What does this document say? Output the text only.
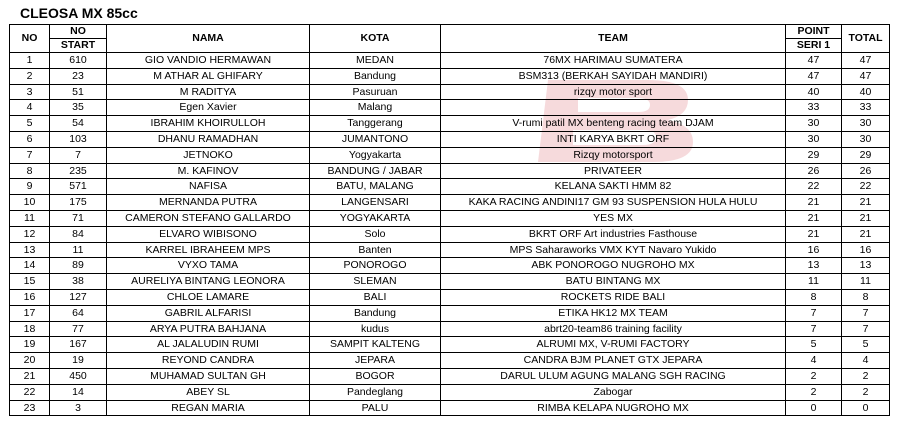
CLEOSA MX 85cc
NO	NO	NAMA	KOTA	TEAM	POINT	TOTAL
	START				SERI 1	
1	610	GIO VANDIO HERMAWAN	MEDAN	76MX HARIMAU SUMATERA	47	47
2	23	M ATHAR AL GHIFARY	Bandung	BSM313 (BERKAH SAYIDAH MANDIRI)	47	47
3	51	M RADITYA	Pasuruan	rizqy motor sport	40	40
4	35	Egen Xavier	Malang		33	33
5	54	IBRAHIM KHOIRULLOH	Tanggerang	V-rumi patil MX benteng racing team DJAM	30	30
6	103	DHANU RAMADHAN	JUMANTONO	INTI KARYA BKRT ORF	30	30
7	7	JETNOKO	Yogyakarta	Rizqy motorsport	29	29
8	235	M. KAFINOV	BANDUNG / JABAR	PRIVATEER	26	26
9	571	NAFISA	BATU, MALANG	KELANA SAKTI HMM 82	22	22
10	175	MERNANDA PUTRA	LANGENSARI	KAKA RACING ANDINI17 GM 93 SUSPENSION HULA HULU	21	21
11	71	CAMERON STEFANO GALLARDO	YOGYAKARTA	YES MX	21	21
12	84	ELVARO WIBISONO	Solo	BKRT ORF Art industries Fasthouse	21	21
13	11	KARREL IBRAHEEM MPS	Banten	MPS Saharaworks VMX KYT Navaro Yukido	16	16
14	89	VYXO TAMA	PONOROGO	ABK PONOROGO NUGROHO MX	13	13
15	38	AURELIYA BINTANG LEONORA	SLEMAN	BATU BINTANG MX	11	11
16	127	CHLOE LAMARE	BALI	ROCKETS RIDE BALI	8	8
17	64	GABRIL ALFARISI	Bandung	ETIKA HK12 MX TEAM	7	7
18	77	ARYA PUTRA BAHJANA	kudus	abrt20-team86 training facility	7	7
19	167	AL JALALUDIN RUMI	SAMPIT KALTENG	ALRUMI MX, V-RUMI FACTORY	5	5
20	19	REYOND CANDRA	JEPARA	CANDRA BJM PLANET GTX JEPARA	4	4
21	450	MUHAMAD SULTAN GH	BOGOR	DARUL ULUM AGUNG MALANG SGH RACING	2	2
22	14	ABEY SL	Pandeglang	Zabogar	2	2
23	3	REGAN MARIA	PALU	RIMBA KELAPA NUGROHO MX	0	0
